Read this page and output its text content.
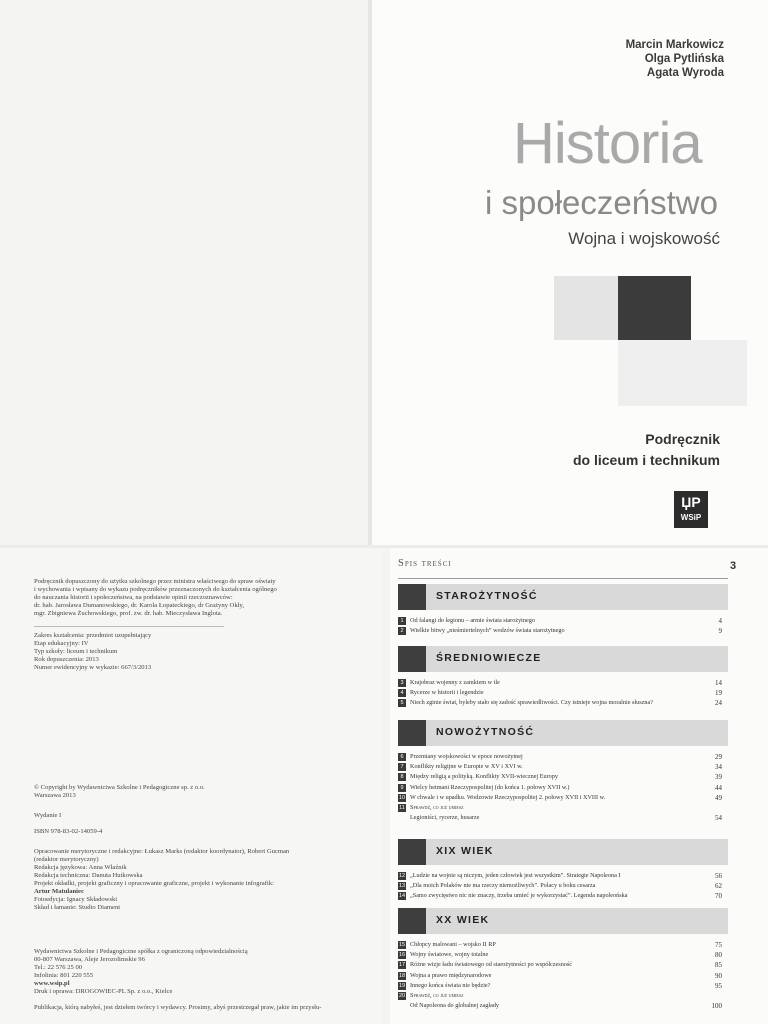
Marcin Markowicz
Olga Pytlińska
Agata Wyroda
Historia
i społeczeństwo
Wojna i wojskowość
Podręcznik
do liceum i technikum
ЏР
WSiP

Podręcznik dopuszczony do użytku szkolnego przez ministra właściwego do spraw oświaty

i wychowania i wpisany do wykazu podręczników przeznaczonych do kształcenia ogólnego

do nauczania historii i społeczeństwa, na podstawie opinii rzeczoznawców:

dr. hab. Jarosława Dumanowskiego, dr. Karola Łopateckiego, dr Grażyny Okły,

mgr. Zbigniewa Żuchowskiego, prof. zw. dr. hab. Mieczysława Inglota.

Zakres kształcenia: przedmiot uzupełniający

Etap edukacyjny: IV

Typ szkoły: liceum i technikum

Rok dopuszczenia: 2013

Numer ewidencyjny w wykazie: 667/3/2013

© Copyright by Wydawnictwa Szkolne i Pedagogiczne sp. z o.o.

Warszawa 2013

Wydanie I

ISBN 978-83-02-14059-4

Opracowanie merytoryczne i redakcyjne: Łukasz Marks (redaktor koordynator), Robert Gucman

(redaktor merytoryczny)

Redakcja językowa: Anna Właźnik

Redakcja techniczna: Danuta Hutkowska

Projekt okładki, projekt graficzny i opracowanie graficzne, projekt i wykonanie infografik:

Artur Matulaniec

Fotoedycja: Ignacy Składowski

Skład i łamanie: Studio Diament

Wydawnictwa Szkolne i Pedagogiczne spółka z ograniczoną odpowiedzialnością

00-807 Warszawa, Aleje Jerozolimskie 96

Tel.: 22 576 25 00

Infolinia: 801 220 555

www.wsip.pl

Druk i oprawa: DROGOWIEC-PL Sp. z o.o., Kielce

Publikacja, którą nabyłeś, jest dziełem twórcy i wydawcy. Prosimy, abyś przestrzegał praw, jakie im przysłu-

Spis treści	3
STAROŻYTNOŚĆ
1	Od falangi do legionu – armie świata starożytnego	4
2	Wielkie bitwy „nieśmiertelnych” wodzów świata starożytnego	9
ŚREDNIOWIECZE
3	Krajobraz wojenny z zamkiem w tle	14
4	Rycerze w historii i legendzie	19
5	Niech zginie świat, byleby stało się zadość sprawiedliwości. Czy istnieje wojna moralnie słuszna?	24
NOWOŻYTNOŚĆ
6	Przemiany wojskowości w epoce nowożytnej	29
7	Konflikty religijne w Europie w XV i XVI w.	34
8	Między religią a polityką. Konflikty XVII-wiecznej Europy	39
9	Wielcy hetmani Rzeczypospolitej (do końca 1. połowy XVII w.)	44
10 W chwale i w upadku. Wodzowie Rzeczypospolitej 2. połowy XVII i XVIII w.	49
11 Sprawdź, co już umiesz
Legioniści, rycerze, husarze	54
XIX WIEK
12 „Ludzie na wojnie są niczym, jeden człowiek jest wszystkim”. Strategie Napoleona I	56
13 „Dla moich Polaków nie ma rzeczy niemożliwych”. Polacy u boku cesarza	62
14 „Samo zwycięstwo nic nie znaczy, trzeba umieć je wykorzystać”. Legenda napoleońska	70
XX WIEK
15 Chłopcy malowani – wojsko II RP	75
16 Wojny światowe, wojny totalne	80
17 Różne wizje ładu światowego od starożytności po współczesność	85
18 Wojna a prawo międzynarodowe	90
19 Innego końca świata nie będzie?	95
20 Sprawdź, co już umiesz
Od Napoleona do globalnej zagłady	100
